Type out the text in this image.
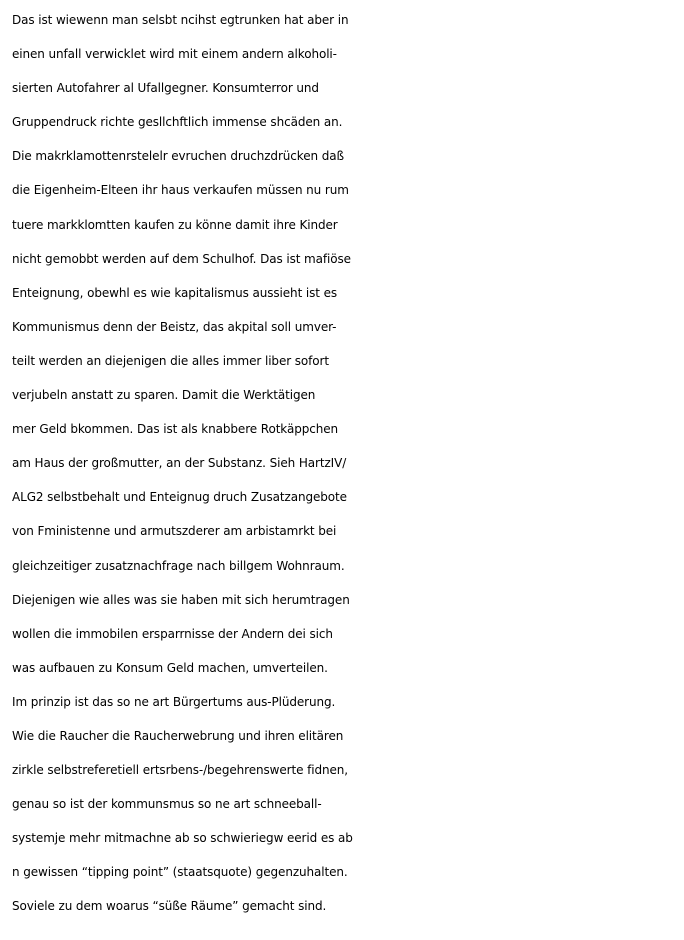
Das ist wiewenn man selsbt ncihst egtrunken hat aber in
einen unfall verwicklet wird mit einem andern alkoholi-
sierten Autofahrer al Ufallgegner. Konsumterror und
Gruppendruck richte gesllchftlich immense shcäden an.
Die makrklamottenrstelelr evruchen druchzdrücken daß
die Eigenheim-Elteen ihr haus verkaufen müssen nu rum
tuere markklomtten kaufen zu könne damit ihre Kinder
nicht gemobbt werden auf dem Schulhof. Das ist mafiöse
Enteignung, obewhl es wie kapitalismus aussieht ist es
Kommunismus denn der Beistz, das akpital soll umver-
teilt werden an diejenigen die alles immer liber sofort
verjubeln anstatt zu sparen. Damit die Werktätigen
mer Geld bkommen. Das ist als knabbere Rotkäppchen
am Haus der großmutter, an der Substanz. Sieh HartzIV/
ALG2 selbstbehalt und Enteignug druch Zusatzangebote
von Fministenne und armutszderer am arbistamrkt bei
gleichzeitiger zusatznachfrage nach billgem Wohnraum.
Diejenigen wie alles was sie haben mit sich herumtragen
wollen die immobilen ersparrnisse der Andern dei sich
was aufbauen zu Konsum Geld machen, umverteilen.
Im prinzip ist das so ne art Bürgertums aus-Plüderung.
Wie die Raucher die Raucherwebrung und ihren elitären
zirkle selbstreferetiell ertsrbens-/begehrenswerte fidnen,
genau so ist der kommunsmus so ne art schneeball-
systemje mehr mitmachne ab so schwieriegw eerid es ab
n gewissen “tipping point” (staatsquote) gegenzuhalten.
Soviele zu dem woarus “süße Räume” gemacht sind.
